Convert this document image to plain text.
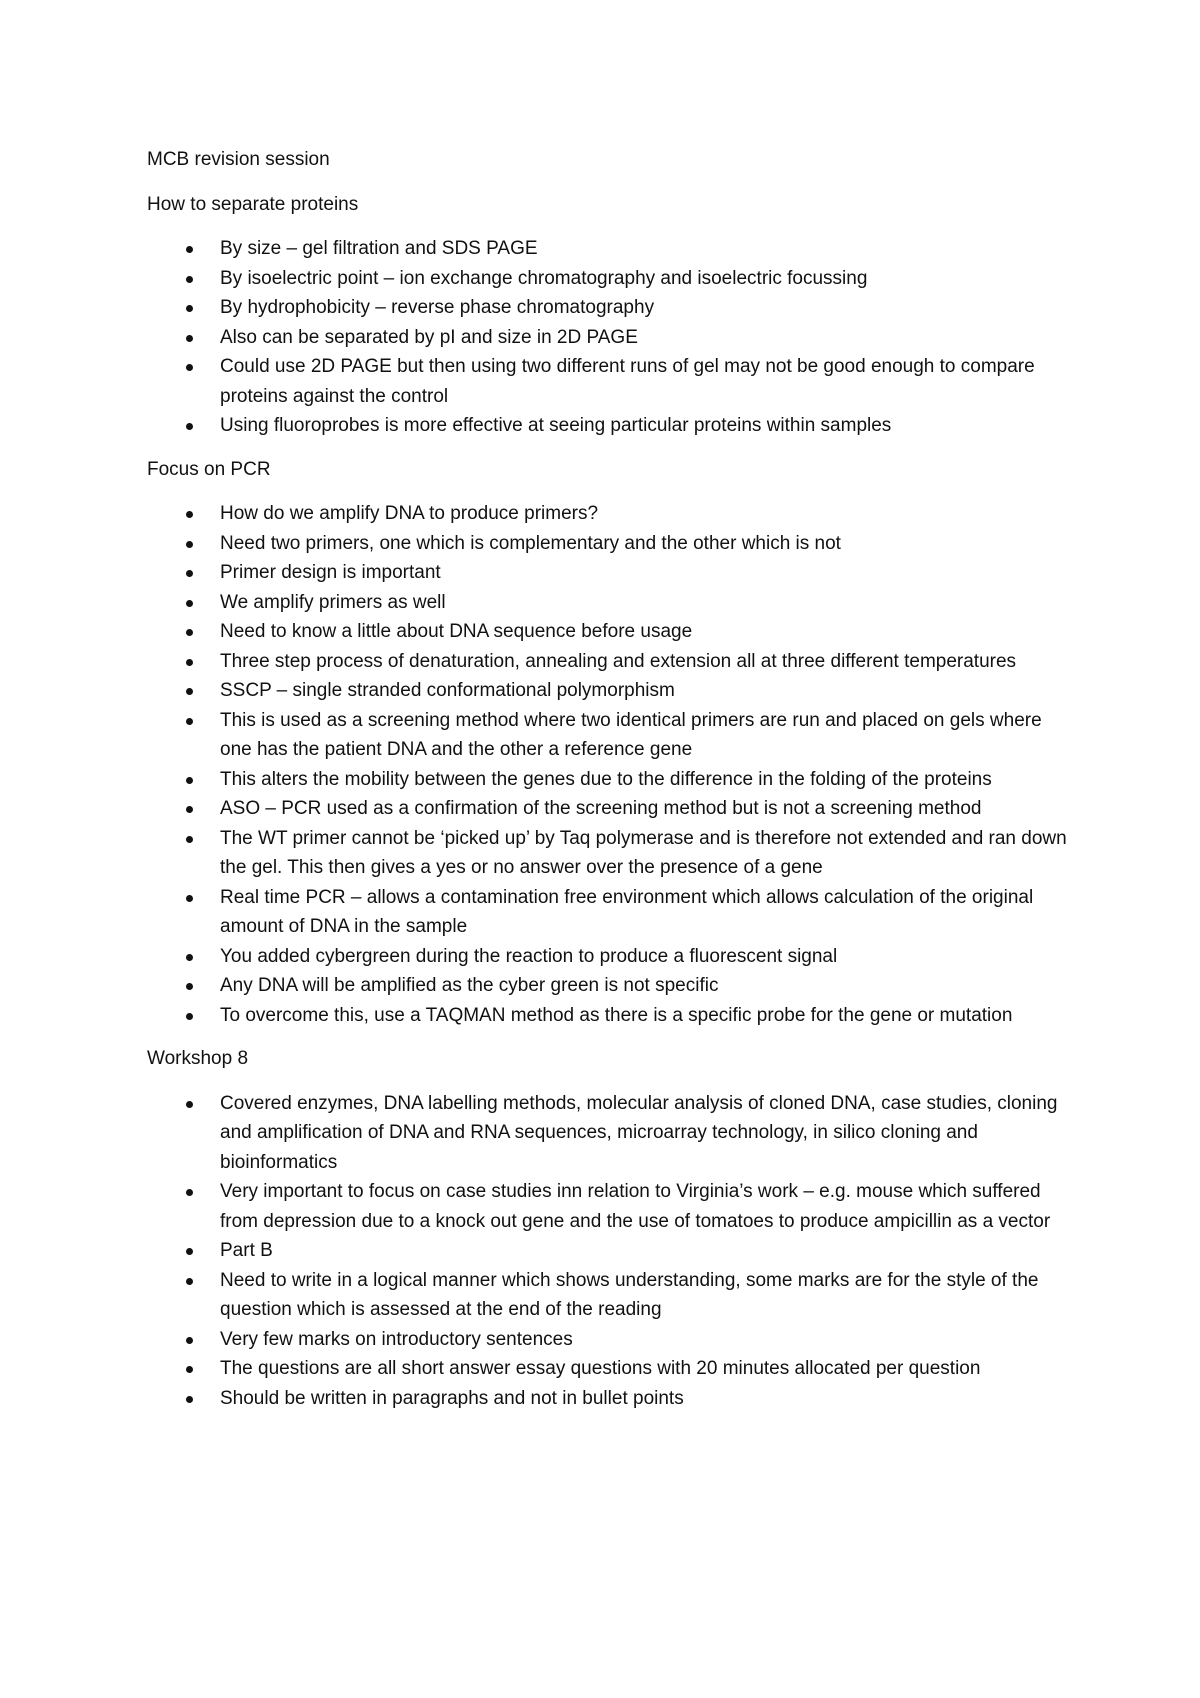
MCB revision session
How to separate proteins
By size – gel filtration and SDS PAGE
By isoelectric point – ion exchange chromatography and isoelectric focussing
By hydrophobicity – reverse phase chromatography
Also can be separated by pI and size in 2D PAGE
Could use 2D PAGE but then using two different runs of gel may not be good enough to compare proteins against the control
Using fluoroprobes is more effective at seeing particular proteins within samples
Focus on PCR
How do we amplify DNA to produce primers?
Need two primers, one which is complementary and the other which is not
Primer design is important
We amplify primers as well
Need to know a little about DNA sequence before usage
Three step process of denaturation, annealing and extension all at three different temperatures
SSCP – single stranded conformational polymorphism
This is used as a screening method where two identical primers are run and placed on gels where one has the patient DNA and the other a reference gene
This alters the mobility between the genes due to the difference in the folding of the proteins
ASO – PCR used as a confirmation of the screening method but is not a screening method
The WT primer cannot be ‘picked up’ by Taq polymerase and is therefore not extended and ran down the gel. This then gives a yes or no answer over the presence of a gene
Real time PCR – allows a contamination free environment which allows calculation of the original amount of DNA in the sample
You added cybergreen during the reaction to produce a fluorescent signal
Any DNA will be amplified as the cyber green is not specific
To overcome this, use a TAQMAN method as there is a specific probe for the gene or mutation
Workshop 8
Covered enzymes, DNA labelling methods, molecular analysis of cloned DNA, case studies, cloning and amplification of DNA and RNA sequences, microarray technology, in silico cloning and bioinformatics
Very important to focus on case studies inn relation to Virginia’s work – e.g. mouse which suffered from depression due to a knock out gene and the use of tomatoes to produce ampicillin as a vector
Part B
Need to write in a logical manner which shows understanding, some marks are for the style of the question which is assessed at the end of the reading
Very few marks on introductory sentences
The questions are all short answer essay questions with 20 minutes allocated per question
Should be written in paragraphs and not in bullet points
